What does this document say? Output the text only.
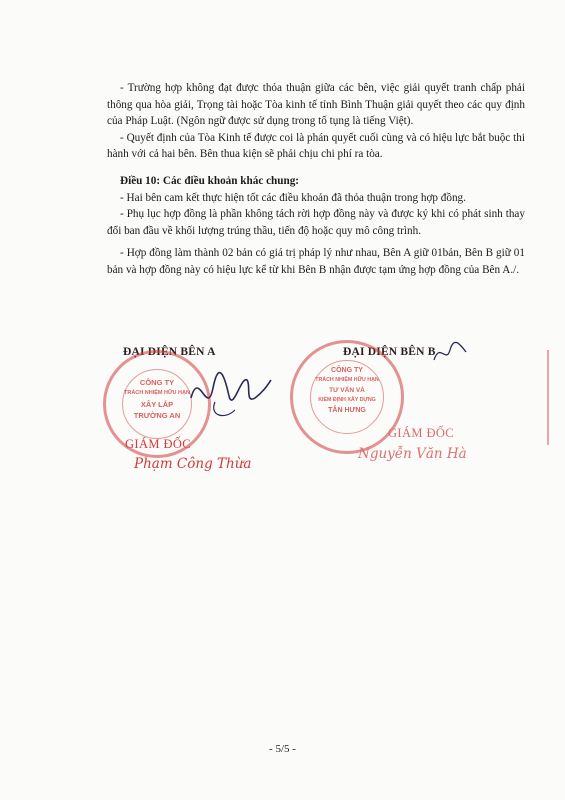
- Trường hợp không đạt được thỏa thuận giữa các bên, việc giải quyết tranh chấp phải thông qua hòa giải, Trọng tài hoặc Tòa kinh tế tỉnh Bình Thuận giải quyết theo các quy định của Pháp Luật. (Ngôn ngữ được sử dụng trong tố tụng là tiếng Việt).

- Quyết định của Tòa Kinh tế được coi là phán quyết cuối cùng và có hiệu lực bắt buộc thi hành với cả hai bên. Bên thua kiện sẽ phải chịu chi phí ra tòa.

Điều 10: Các điều khoản khác chung:

- Hai bên cam kết thực hiện tốt các điều khoản đã thỏa thuận trong hợp đồng.

- Phụ lục hợp đồng là phần không tách rời hợp đồng này và được ký khi có phát sinh thay đổi ban đầu về khối lượng trúng thầu, tiến độ hoặc quy mô công trình.

- Hợp đồng làm thành 02 bản có giá trị pháp lý như nhau, Bên A giữ 01bản, Bên B giữ 01 bản và hợp đồng này có hiệu lực kể từ khi Bên B nhận được tạm ứng hợp đồng của Bên A./.

ĐẠI DIỆN BÊN A
CÔNG TY
TRÁCH NHIỆM HỮU HẠN
XÂY LẮP
TRƯỜNG AN
GIÁM ĐỐC
Phạm Công Thừa
ĐẠI DIỆN BÊN B
CÔNG TY
TRÁCH NHIỆM HỮU HẠN
TƯ VẤN VÀ
KIỂM ĐỊNH XÂY DỰNG
TÂN HƯNG
GIÁM ĐỐC
Nguyễn Văn Hà
- 5/5 -
